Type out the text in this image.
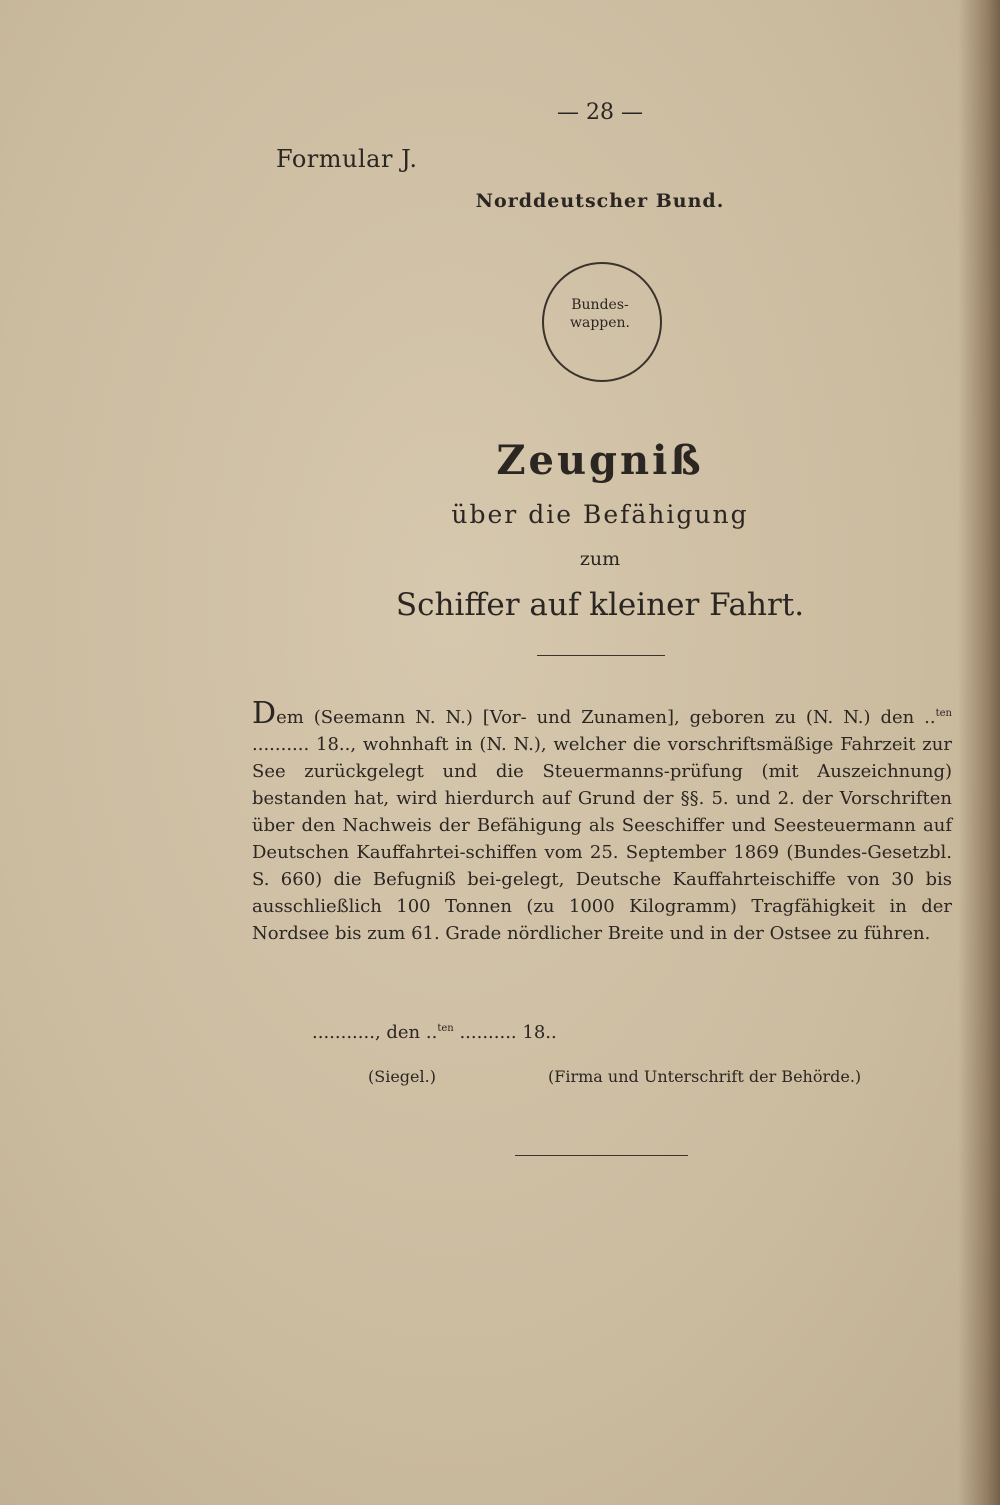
— 28 —
Formular J.
Norddeutscher Bund.
Bundes-wappen.
Zeugniß
über die Befähigung
zum
Schiffer auf kleiner Fahrt.
Dem (Seemann N. N.) [Vor- und Zunamen], geboren zu (N. N.) den ..$^{ten}$ .......... 18.., wohnhaft in (N. N.), welcher die vorschriftsmäßige Fahrzeit zur See zurückgelegt und die Steuermanns-prüfung (mit Auszeichnung) bestanden hat, wird hierdurch auf Grund der §§. 5. und 2. der Vorschriften über den Nachweis der Befähigung als Seeschiffer und Seesteuermann auf Deutschen Kauffahrtei-schiffen vom 25. September 1869 (Bundes-Gesetzbl. S. 660) die Befugniß bei-gelegt, Deutsche Kauffahrteischiffe von 30 bis ausschließlich 100 Tonnen (zu 1000 Kilogramm) Tragfähigkeit in der Nordsee bis zum 61. Grade nördlicher Breite und in der Ostsee zu führen.
..........., den ..$^{ten}$ .......... 18..
(Siegel.)	(Firma und Unterschrift der Behörde.)
